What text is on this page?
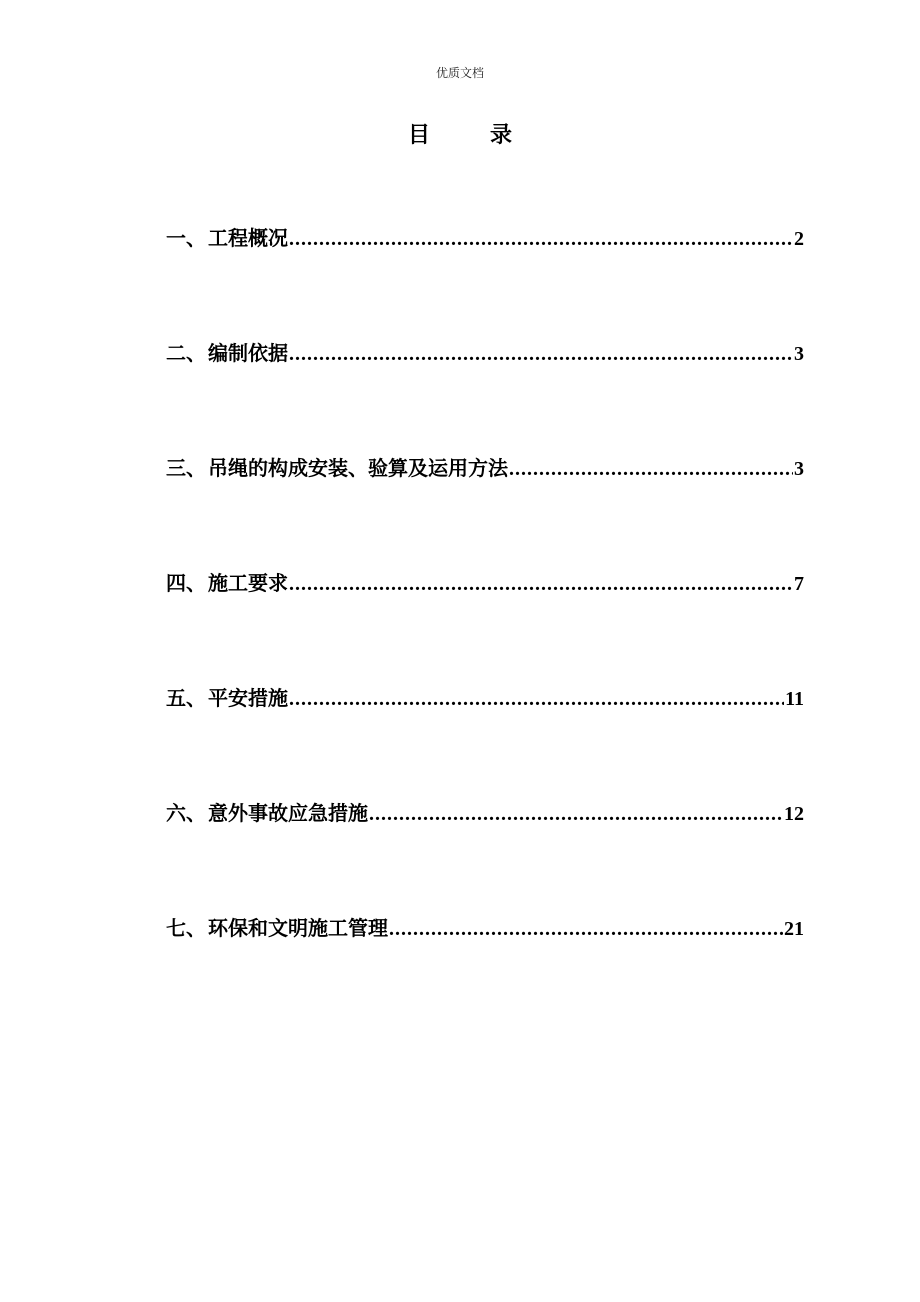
优质文档
目	录
一、 工程概况 .....	2
二、 编制依据 .....	3
三、 吊绳的构成安装、验算及运用方法 .....	3
四、 施工要求 .....	7
五、 平安措施 .....	11
六、 意外事故应急措施 .....	12
七、 环保和文明施工管理 .....	21
